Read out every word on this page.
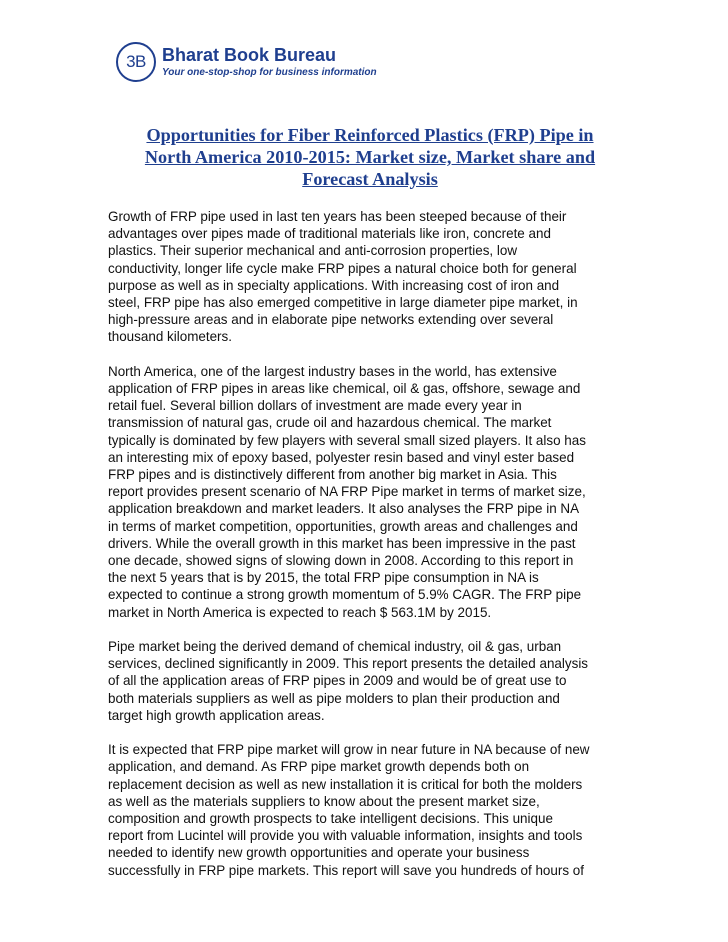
3B Bharat Book Bureau
Your one-stop-shop for business information
Opportunities for Fiber Reinforced Plastics (FRP) Pipe in
North America 2010-2015: Market size, Market share and
Forecast Analysis

Growth of FRP pipe used in last ten years has been steeped because of their
advantages over pipes made of traditional materials like iron, concrete and
plastics. Their superior mechanical and anti-corrosion properties, low
conductivity, longer life cycle make FRP pipes a natural choice both for general
purpose as well as in specialty applications. With increasing cost of iron and
steel, FRP pipe has also emerged competitive in large diameter pipe market, in
high-pressure areas and in elaborate pipe networks extending over several
thousand kilometers.

North America, one of the largest industry bases in the world, has extensive
application of FRP pipes in areas like chemical, oil & gas, offshore, sewage and
retail fuel. Several billion dollars of investment are made every year in
transmission of natural gas, crude oil and hazardous chemical. The market
typically is dominated by few players with several small sized players. It also has
an interesting mix of epoxy based, polyester resin based and vinyl ester based
FRP pipes and is distinctively different from another big market in Asia. This
report provides present scenario of NA FRP Pipe market in terms of market size,
application breakdown and market leaders. It also analyses the FRP pipe in NA
in terms of market competition, opportunities, growth areas and challenges and
drivers. While the overall growth in this market has been impressive in the past
one decade, showed signs of slowing down in 2008. According to this report in
the next 5 years that is by 2015, the total FRP pipe consumption in NA is
expected to continue a strong growth momentum of 5.9% CAGR. The FRP pipe
market in North America is expected to reach $ 563.1M by 2015.

Pipe market being the derived demand of chemical industry, oil & gas, urban
services, declined significantly in 2009. This report presents the detailed analysis
of all the application areas of FRP pipes in 2009 and would be of great use to
both materials suppliers as well as pipe molders to plan their production and
target high growth application areas.

It is expected that FRP pipe market will grow in near future in NA because of new
application, and demand. As FRP pipe market growth depends both on
replacement decision as well as new installation it is critical for both the molders
as well as the materials suppliers to know about the present market size,
composition and growth prospects to take intelligent decisions. This unique
report from Lucintel will provide you with valuable information, insights and tools
needed to identify new growth opportunities and operate your business
successfully in FRP pipe markets. This report will save you hundreds of hours of
